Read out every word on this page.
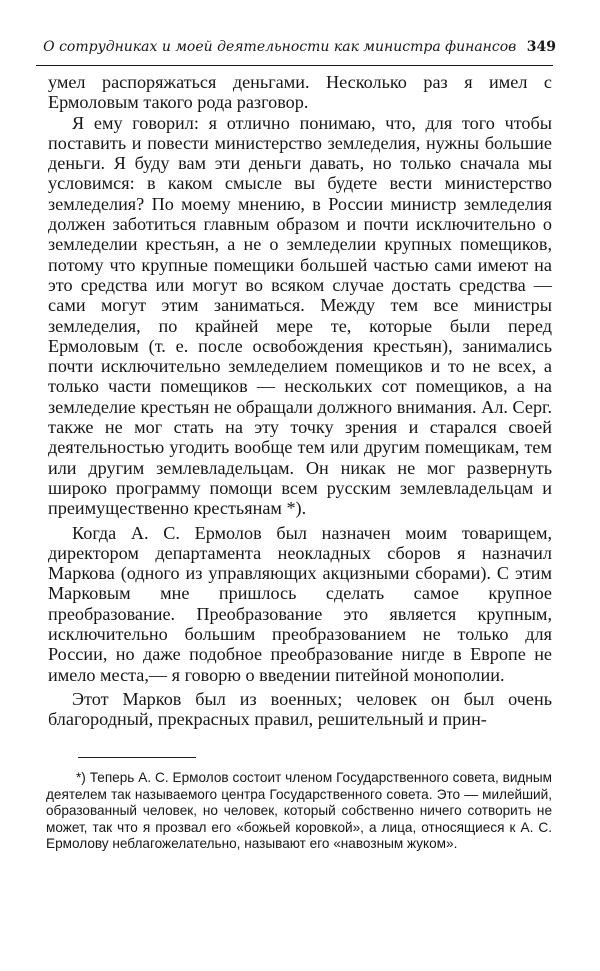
О сотрудниках и моей деятельности как министра финансов 349

умел распоряжаться деньгами. Несколько раз я имел с Ермоловым такого рода разговор.

Я ему говорил: я отлично понимаю, что, для того чтобы поставить и повести министерство земледелия, нужны большие деньги. Я буду вам эти деньги давать, но только сначала мы условимся: в каком смысле вы будете вести министерство земледелия? По моему мнению, в России министр земледелия должен заботиться главным образом и почти исключительно о земледелии крестьян, а не о земледелии крупных помещиков, потому что крупные помещики большей частью сами имеют на это средства или могут во всяком случае достать средства — сами могут этим заниматься. Между тем все министры земледелия, по крайней мере те, которые были перед Ермоловым (т. е. после освобождения крестьян), занимались почти исключительно земледелием помещиков и то не всех, а только части помещиков — нескольких сот помещиков, а на земледелие крестьян не обращали должного внимания. Ал. Серг. также не мог стать на эту точку зрения и старался своей деятельностью угодить вообще тем или другим помещикам, тем или другим землевладельцам. Он никак не мог развернуть широко программу помощи всем русским землевладельцам и преимущественно крестьянам *).

Когда А. С. Ермолов был назначен моим товарищем, директором департамента неокладных сборов я назначил Маркова (одного из управляющих акцизными сборами). С этим Марковым мне пришлось сделать самое крупное преобразование. Преобразование это является крупным, исключительно большим преобразованием не только для России, но даже подобное преобразование нигде в Европе не имело места,— я говорю о введении питейной монополии.

Этот Марков был из военных; человек он был очень благородный, прекрасных правил, решительный и прин-

*) Теперь А. С. Ермолов состоит членом Государственного совета, видным деятелем так называемого центра Государственного совета. Это — милейший, образованный человек, но человек, который собственно ничего сотворить не может, так что я прозвал его «божьей коровкой», а лица, относящиеся к А. С. Ермолову неблагожелательно, называют его «навозным жуком».
